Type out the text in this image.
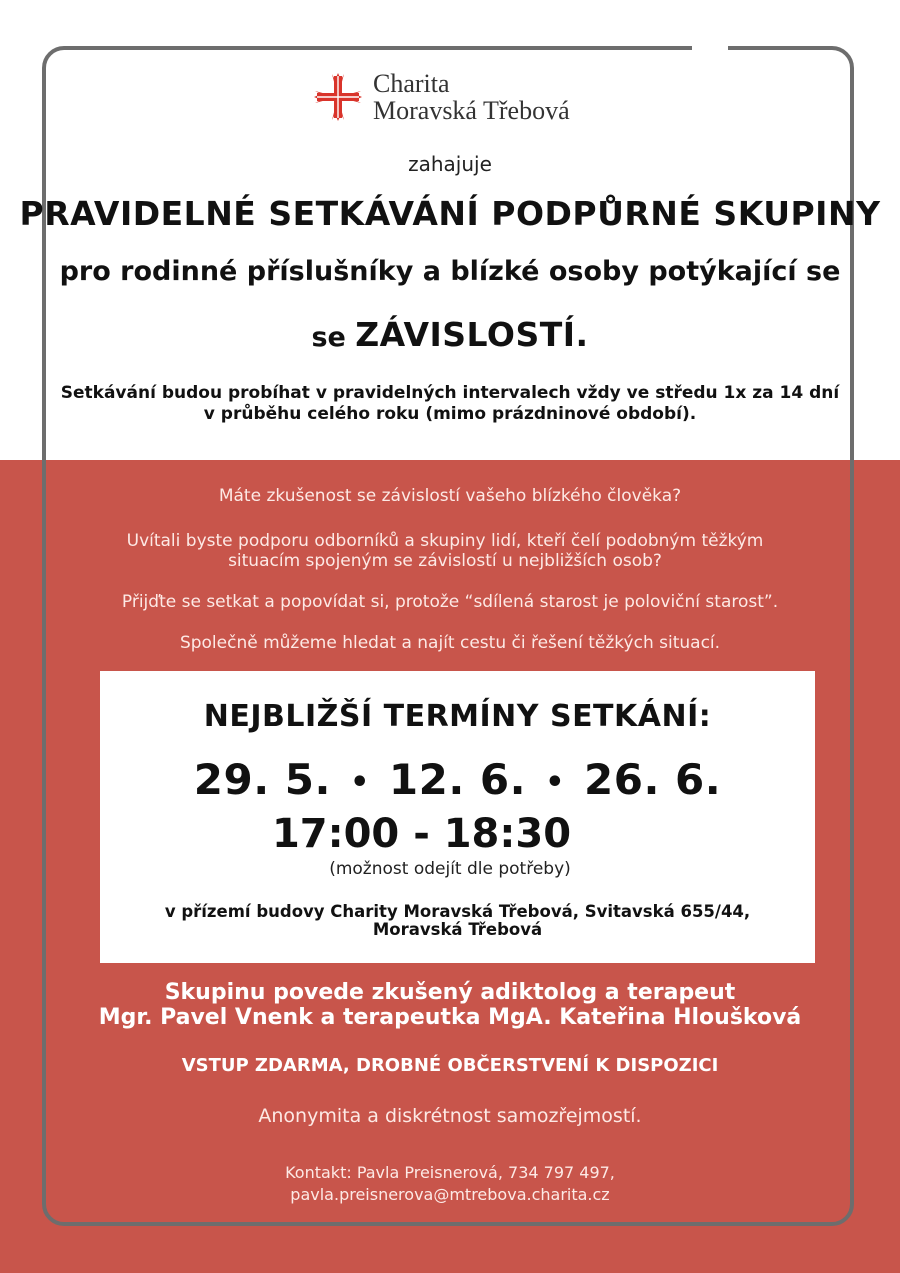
Charita
Moravská Třebová
zahajuje
PRAVIDELNÉ SETKÁVÁNÍ PODPŮRNÉ SKUPINY
pro rodinné příslušníky a blízké osoby potýkající se
se ZÁVISLOSTÍ.
Setkávání budou probíhat v pravidelných intervalech vždy ve středu 1x za 14 dní
v průběhu celého roku (mimo prázdninové období).
Máte zkušenost se závislostí vašeho blízkého člověka?
Uvítali byste podporu odborníků a skupiny lidí, kteří čelí podobným těžkým situacím spojeným se závislostí u nejbližších osob?
Přijďte se setkat a popovídat si, protože “sdílená starost je poloviční starost”.
Společně můžeme hledat a najít cestu či řešení těžkých situací.
NEJBLIŽŠÍ TERMÍNY SETKÁNÍ:
29. 5. • 12. 6. • 26. 6.
17:00 - 18:30
(možnost odejít dle potřeby)
v přízemí budovy Charity Moravská Třebová, Svitavská 655/44, Moravská Třebová
Skupinu povede zkušený adiktolog a terapeut
Mgr. Pavel Vnenk a terapeutka MgA. Kateřina Hloušková
VSTUP ZDARMA, DROBNÉ OBČERSTVENÍ K DISPOZICI
Anonymita a diskrétnost samozřejmostí.
Kontakt: Pavla Preisnerová, 734 797 497,
pavla.preisnerova@mtrebova.charita.cz
